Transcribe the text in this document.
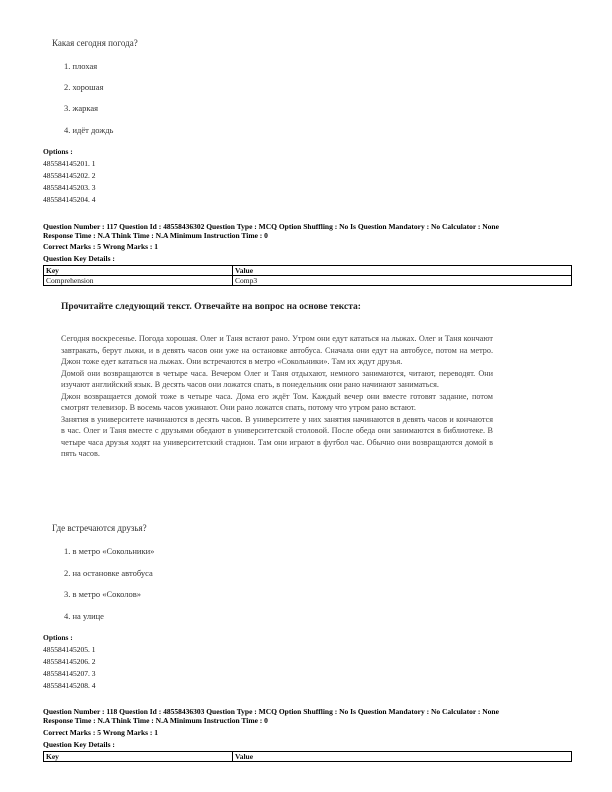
Какая сегодня погода?
1. плохая
2. хорошая
3. жаркая
4. идёт дождь
Options :
485584145201. 1
485584145202. 2
485584145203. 3
485584145204. 4
Question Number : 117 Question Id : 48558436302 Question Type : MCQ Option Shuffling : No Is Question Mandatory : No Calculator : None
Response Time : N.A Think Time : N.A Minimum Instruction Time : 0
Correct Marks : 5 Wrong Marks : 1
Question Key Details :
Key	Value
Comprehension	Comp3
Прочитайте следующий текст. Отвечайте на вопрос на основе текста:

Сегодня воскресенье. Погода хорошая. Олег и Таня встают рано. Утром они едут кататься на лыжах. Олег и Таня кончают завтракать, берут лыжи, и в девять часов они уже на остановке автобуса. Сначала они едут на автобусе, потом на метро. Джон тоже едет кататься на лыжах. Они встречаются в метро «Сокольники». Там их ждут друзья.

Домой они возвращаются в четыре часа. Вечером Олег и Таня отдыхают, немного занимаются, читают, переводят. Они изучают английский язык. В десять часов они ложатся спать, в понедельник они рано начинают заниматься.

Джон возвращается домой тоже в четыре часа. Дома его ждёт Том. Каждый вечер они вместе готовят задание, потом смотрят телевизор. В восемь часов ужинают. Они рано ложатся спать, потому что утром рано встают.

Занятия в университете начинаются в десять часов. В университете у них занятия начинаются в девять часов и кончаются в час. Олег и Таня вместе с друзьями обедают в университетской столовой. После обеда они занимаются в библиотеке. В четыре часа друзья ходят на университетский стадион. Там они играют в футбол час. Обычно они возвращаются домой в пять часов.

Где встречаются друзья?
1. в метро «Сокольники»
2. на остановке автобуса
3. в метро «Соколов»
4. на улице
Options :
485584145205. 1
485584145206. 2
485584145207. 3
485584145208. 4
Question Number : 118 Question Id : 48558436303 Question Type : MCQ Option Shuffling : No Is Question Mandatory : No Calculator : None
Response Time : N.A Think Time : N.A Minimum Instruction Time : 0
Correct Marks : 5 Wrong Marks : 1
Question Key Details :
Key	Value
